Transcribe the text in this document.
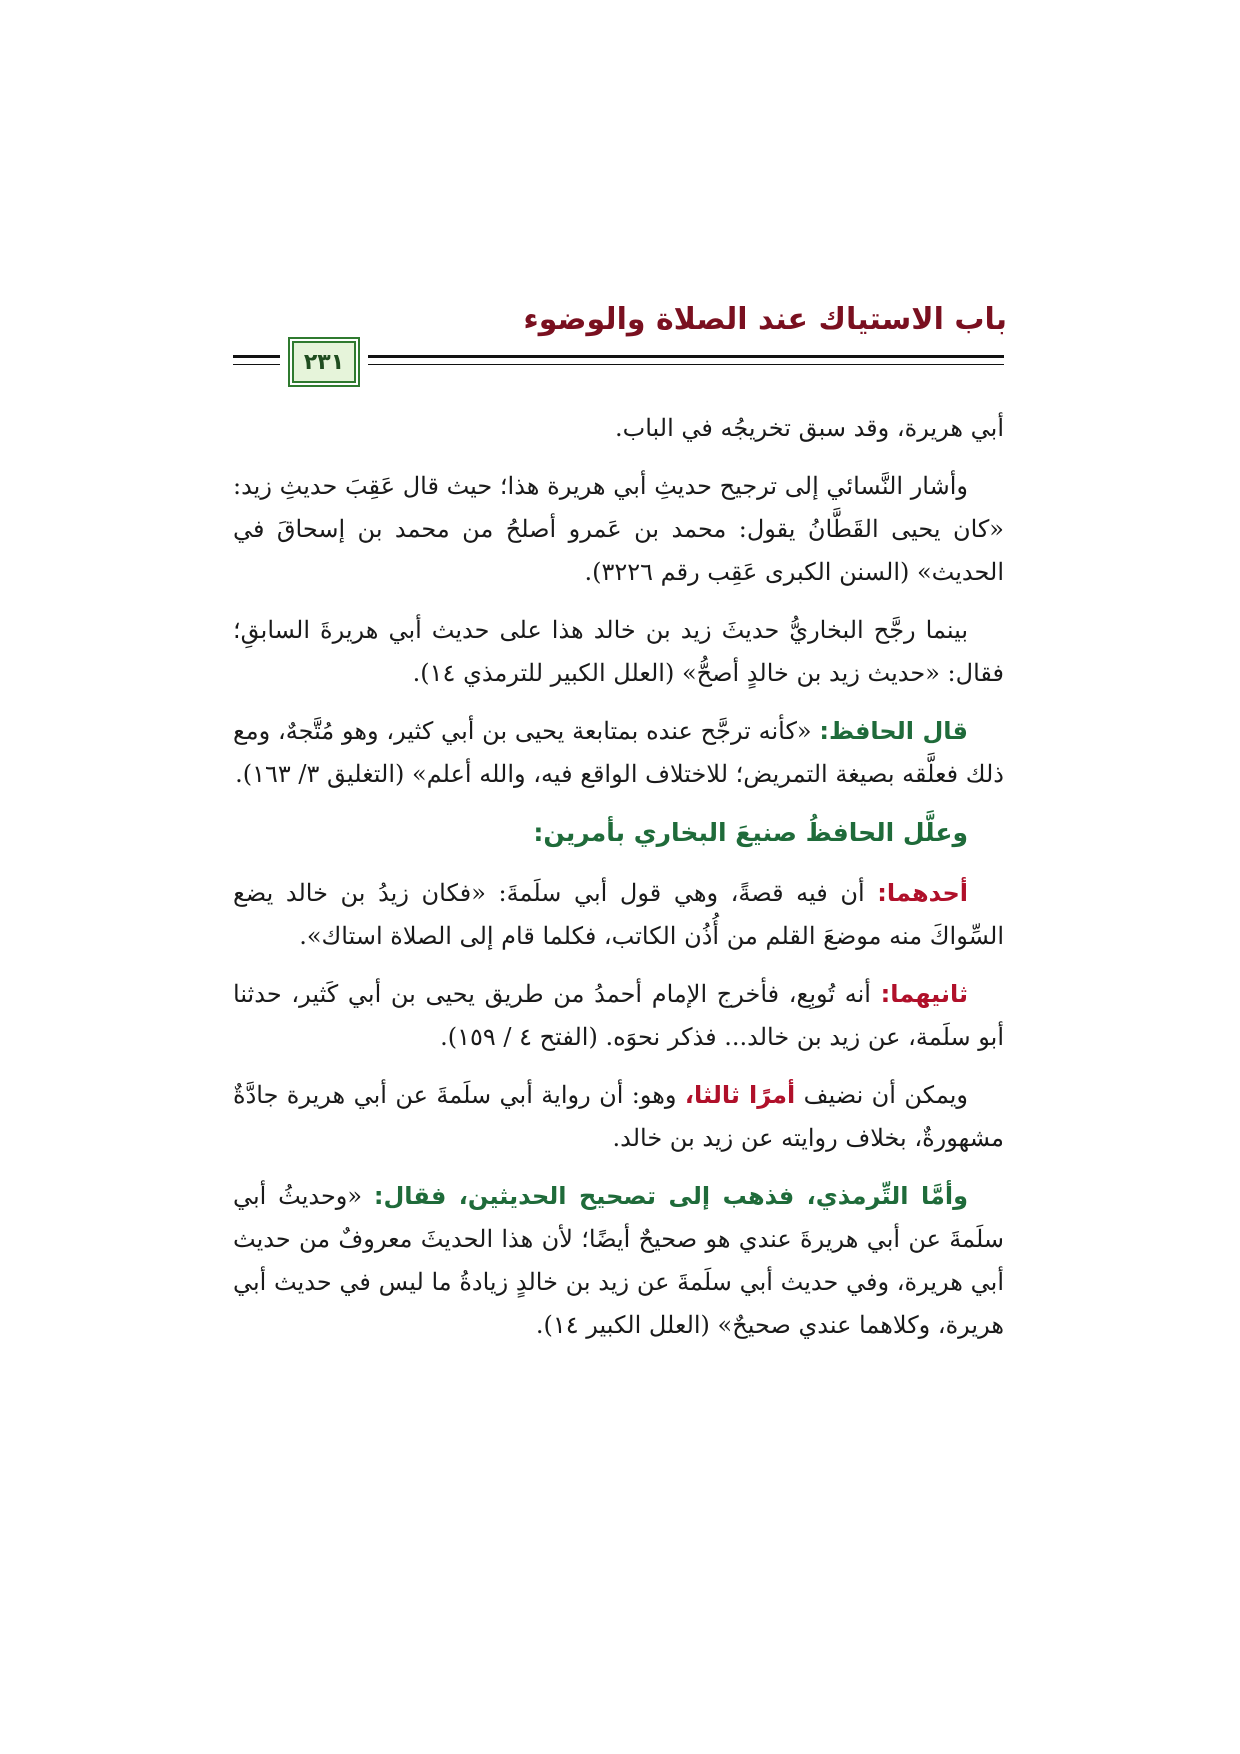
باب الاستياك عند الصلاة والوضوء
٢٣١

أبي هريرة، وقد سبق تخريجُه في الباب.

وأشار النَّسائي إلى ترجيح حديثِ أبي هريرة هذا؛ حيث قال عَقِبَ حديثِ زيد: «كان يحيى القَطَّانُ يقول: محمد بن عَمرو أصلحُ من محمد بن إسحاقَ في الحديث» (السنن الكبرى عَقِب رقم ٣٢٢٦).

بينما رجَّح البخاريُّ حديثَ زيد بن خالد هذا على حديث أبي هريرةَ السابقِ؛ فقال: «حديث زيد بن خالدٍ أصحُّ» (العلل الكبير للترمذي ١٤).

قال الحافظ: «كأنه ترجَّح عنده بمتابعة يحيى بن أبي كثير، وهو مُتَّجهٌ، ومع ذلك فعلَّقه بصيغة التمريض؛ للاختلاف الواقع فيه، والله أعلم» (التغليق ٣/ ١٦٣).

وعلَّل الحافظُ صنيعَ البخاري بأمرين:

أحدهما: أن فيه قصةً، وهي قول أبي سلَمةَ: «فكان زيدُ بن خالد يضع السِّواكَ منه موضعَ القلم من أُذُن الكاتب، فكلما قام إلى الصلاة استاك».

ثانيهما: أنه تُوبِع، فأخرج الإمام أحمدُ من طريق يحيى بن أبي كَثير، حدثنا أبو سلَمة، عن زيد بن خالد... فذكر نحوَه. (الفتح ٤ / ١٥٩).

ويمكن أن نضيف أمرًا ثالثا، وهو: أن رواية أبي سلَمةَ عن أبي هريرة جادَّةٌ مشهورةٌ، بخلاف روايته عن زيد بن خالد.

وأمَّا التِّرمذي، فذهب إلى تصحيح الحديثين، فقال: «وحديثُ أبي سلَمةَ عن أبي هريرةَ عندي هو صحيحٌ أيضًا؛ لأن هذا الحديثَ معروفٌ من حديث أبي هريرة، وفي حديث أبي سلَمةَ عن زيد بن خالدٍ زيادةُ ما ليس في حديث أبي هريرة، وكلاهما عندي صحيحٌ» (العلل الكبير ١٤).
